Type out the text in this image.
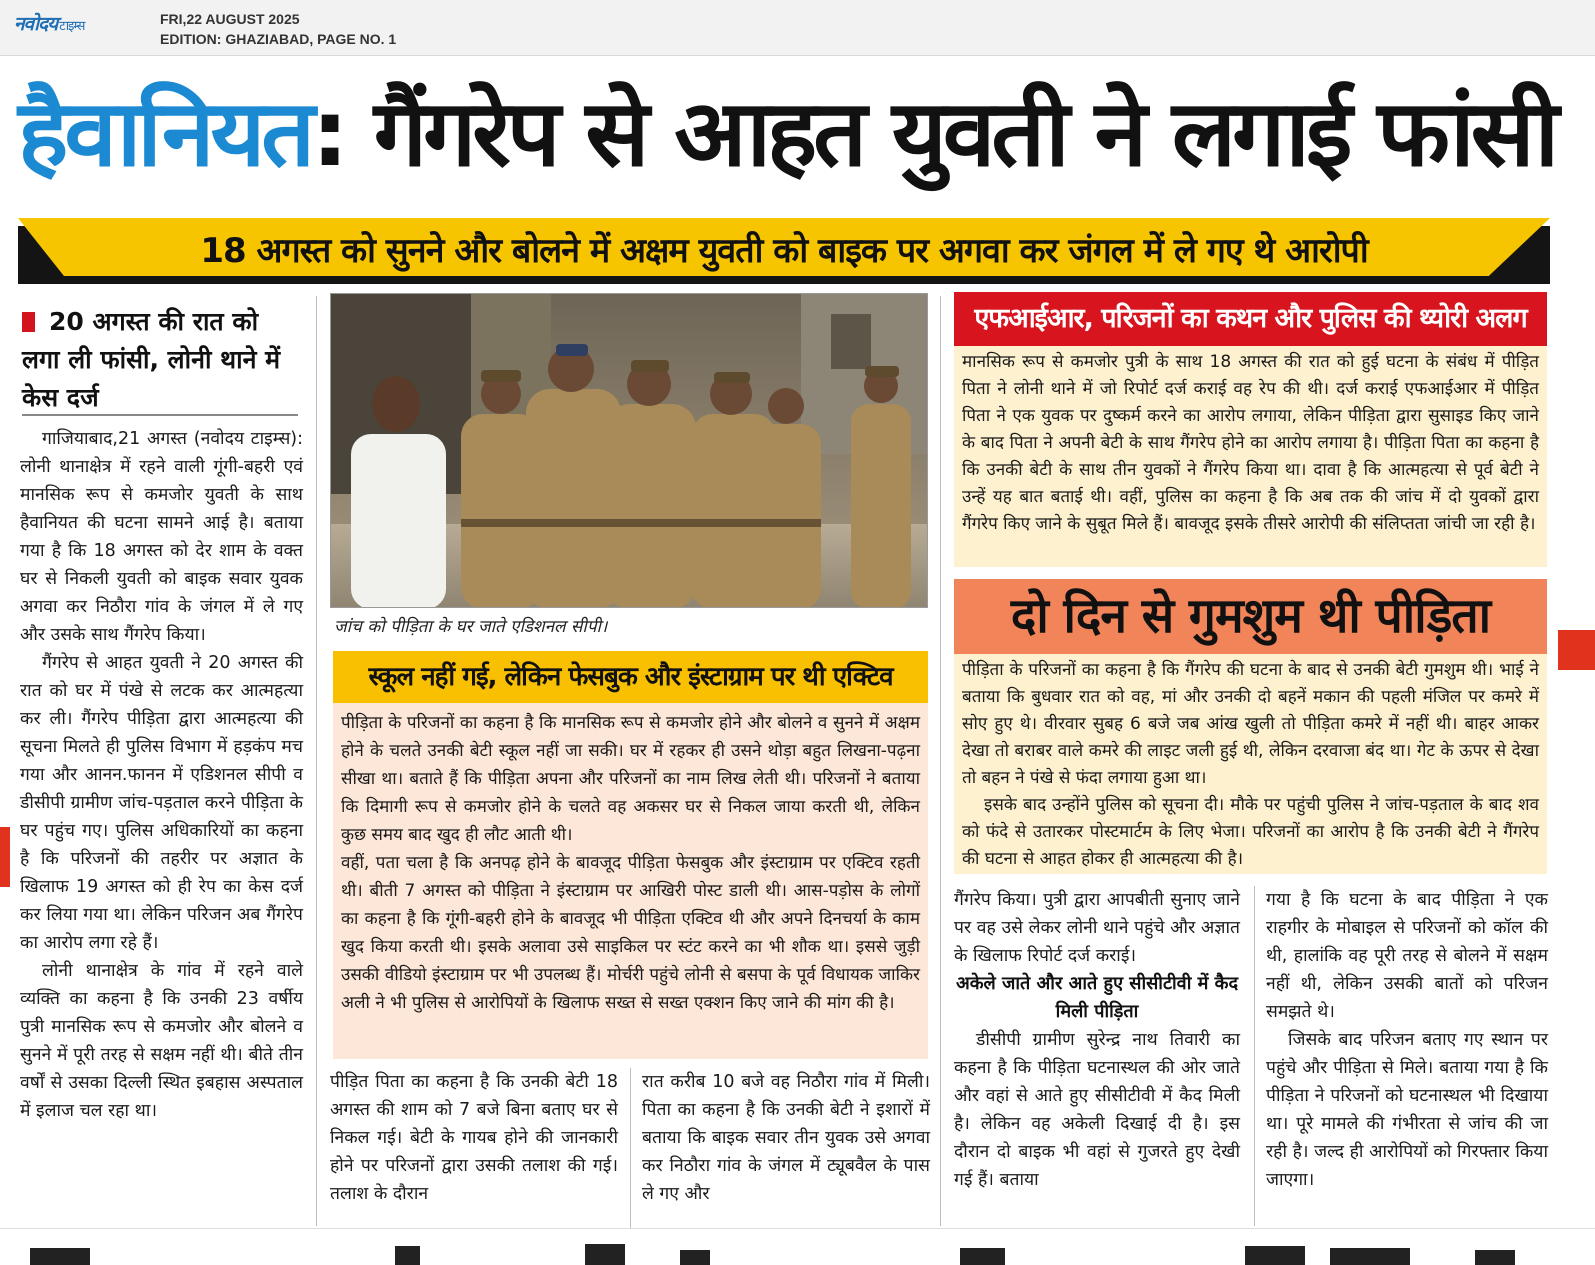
नवोदय टाइम्स	FRI,22 AUGUST 2025
EDITION: GHAZIABAD, PAGE NO. 1
हैवानियत: गैंगरेप से आहत युवती ने लगाई फांसी
18 अगस्त को सुनने और बोलने में अक्षम युवती को बाइक पर अगवा कर जंगल में ले गए थे आरोपी
20 अगस्त की रात को लगा ली फांसी, लोनी थाने में केस दर्ज

गाजियाबाद,21 अगस्त (नवोदय टाइम्स): लोनी थानाक्षेत्र में रहने वाली गूंगी-बहरी एवं मानसिक रूप से कमजोर युवती के साथ हैवानियत की घटना सामने आई है। बताया गया है कि 18 अगस्त को देर शाम के वक्त घर से निकली युवती को बाइक सवार युवक अगवा कर निठौरा गांव के जंगल में ले गए और उसके साथ गैंगरेप किया।

गैंगरेप से आहत युवती ने 20 अगस्त की रात को घर में पंखे से लटक कर आत्महत्या कर ली। गैंगरेप पीड़िता द्वारा आत्महत्या की सूचना मिलते ही पुलिस विभाग में हड़कंप मच गया और आनन.फानन में एडिशनल सीपी व डीसीपी ग्रामीण जांच-पड़ताल करने पीड़िता के घर पहुंच गए। पुलिस अधिकारियों का कहना है कि परिजनों की तहरीर पर अज्ञात के खिलाफ 19 अगस्त को ही रेप का केस दर्ज कर लिया गया था। लेकिन परिजन अब गैंगरेप का आरोप लगा रहे हैं।

लोनी थानाक्षेत्र के गांव में रहने वाले व्यक्ति का कहना है कि उनकी 23 वर्षीय पुत्री मानसिक रूप से कमजोर और बोलने व सुनने में पूरी तरह से सक्षम नहीं थी। बीते तीन वर्षों से उसका दिल्ली स्थित इबहास अस्पताल में इलाज चल रहा था।

जांच को पीड़िता के घर जाते एडिशनल सीपी।
स्कूल नहीं गई, लेकिन फेसबुक और इंस्टाग्राम पर थी एक्टिव

पीड़िता के परिजनों का कहना है कि मानसिक रूप से कमजोर होने और बोलने व सुनने में अक्षम होने के चलते उनकी बेटी स्कूल नहीं जा सकी। घर में रहकर ही उसने थोड़ा बहुत लिखना-पढ़ना सीखा था। बताते हैं कि पीड़िता अपना और परिजनों का नाम लिख लेती थी। परिजनों ने बताया कि दिमागी रूप से कमजोर होने के चलते वह अकसर घर से निकल जाया करती थी, लेकिन कुछ समय बाद खुद ही लौट आती थी।

वहीं, पता चला है कि अनपढ़ होने के बावजूद पीड़िता फेसबुक और इंस्टाग्राम पर एक्टिव रहती थी। बीती 7 अगस्त को पीड़िता ने इंस्टाग्राम पर आखिरी पोस्ट डाली थी। आस-पड़ोस के लोगों का कहना है कि गूंगी-बहरी होने के बावजूद भी पीड़िता एक्टिव थी और अपने दिनचर्या के काम खुद किया करती थी। इसके अलावा उसे साइकिल पर स्टंट करने का भी शौक था। इससे जुड़ी उसकी वीडियो इंस्टाग्राम पर भी उपलब्ध हैं। मोर्चरी पहुंचे लोनी से बसपा के पूर्व विधायक जाकिर अली ने भी पुलिस से आरोपियों के खिलाफ सख्त से सख्त एक्शन किए जाने की मांग की है।

पीड़ित पिता का कहना है कि उनकी बेटी 18 अगस्त की शाम को 7 बजे बिना बताए घर से निकल गई। बेटी के गायब होने की जानकारी होने पर परिजनों द्वारा उसकी तलाश की गई। तलाश के दौरान
रात करीब 10 बजे वह निठौरा गांव में मिली। पिता का कहना है कि उनकी बेटी ने इशारों में बताया कि बाइक सवार तीन युवक उसे अगवा कर निठौरा गांव के जंगल में ट्यूबवैल के पास ले गए और
एफआईआर, परिजनों का कथन और पुलिस की थ्योरी अलग
मानसिक रूप से कमजोर पुत्री के साथ 18 अगस्त की रात को हुई घटना के संबंध में पीड़ित पिता ने लोनी थाने में जो रिपोर्ट दर्ज कराई वह रेप की थी। दर्ज कराई एफआईआर में पीड़ित पिता ने एक युवक पर दुष्कर्म करने का आरोप लगाया, लेकिन पीड़िता द्वारा सुसाइड किए जाने के बाद पिता ने अपनी बेटी के साथ गैंगरेप होने का आरोप लगाया है। पीड़िता पिता का कहना है कि उनकी बेटी के साथ तीन युवकों ने गैंगरेप किया था। दावा है कि आत्महत्या से पूर्व बेटी ने उन्हें यह बात बताई थी। वहीं, पुलिस का कहना है कि अब तक की जांच में दो युवकों द्वारा गैंगरेप किए जाने के सुबूत मिले हैं। बावजूद इसके तीसरे आरोपी की संलिप्तता जांची जा रही है।
दो दिन से गुमशुम थी पीड़िता

पीड़िता के परिजनों का कहना है कि गैंगरेप की घटना के बाद से उनकी बेटी गुमशुम थी। भाई ने बताया कि बुधवार रात को वह, मां और उनकी दो बहनें मकान की पहली मंजिल पर कमरे में सोए हुए थे। वीरवार सुबह 6 बजे जब आंख खुली तो पीड़िता कमरे में नहीं थी। बाहर आकर देखा तो बराबर वाले कमरे की लाइट जली हुई थी, लेकिन दरवाजा बंद था। गेट के ऊपर से देखा तो बहन ने पंखे से फंदा लगाया हुआ था।

इसके बाद उन्होंने पुलिस को सूचना दी। मौके पर पहुंची पुलिस ने जांच-पड़ताल के बाद शव को फंदे से उतारकर पोस्टमार्टम के लिए भेजा। परिजनों का आरोप है कि उनकी बेटी ने गैंगरेप की घटना से आहत होकर ही आत्महत्या की है।

गैंगरेप किया। पुत्री द्वारा आपबीती सुनाए जाने पर वह उसे लेकर लोनी थाने पहुंचे और अज्ञात के खिलाफ रिपोर्ट दर्ज कराई।

अकेले जाते और आते हुए सीसीटीवी में कैद मिली पीड़िता

डीसीपी ग्रामीण सुरेन्द्र नाथ तिवारी का कहना है कि पीड़िता घटनास्थल की ओर जाते और वहां से आते हुए सीसीटीवी में कैद मिली है। लेकिन वह अकेली दिखाई दी है। इस दौरान दो बाइक भी वहां से गुजरते हुए देखी गई हैं। बताया

गया है कि घटना के बाद पीड़िता ने एक राहगीर के मोबाइल से परिजनों को कॉल की थी, हालांकि वह पूरी तरह से बोलने में सक्षम नहीं थी, लेकिन उसकी बातों को परिजन समझते थे।

जिसके बाद परिजन बताए गए स्थान पर पहुंचे और पीड़िता से मिले। बताया गया है कि पीड़िता ने परिजनों को घटनास्थल भी दिखाया था। पूरे मामले की गंभीरता से जांच की जा रही है। जल्द ही आरोपियों को गिरफ्तार किया जाएगा।
